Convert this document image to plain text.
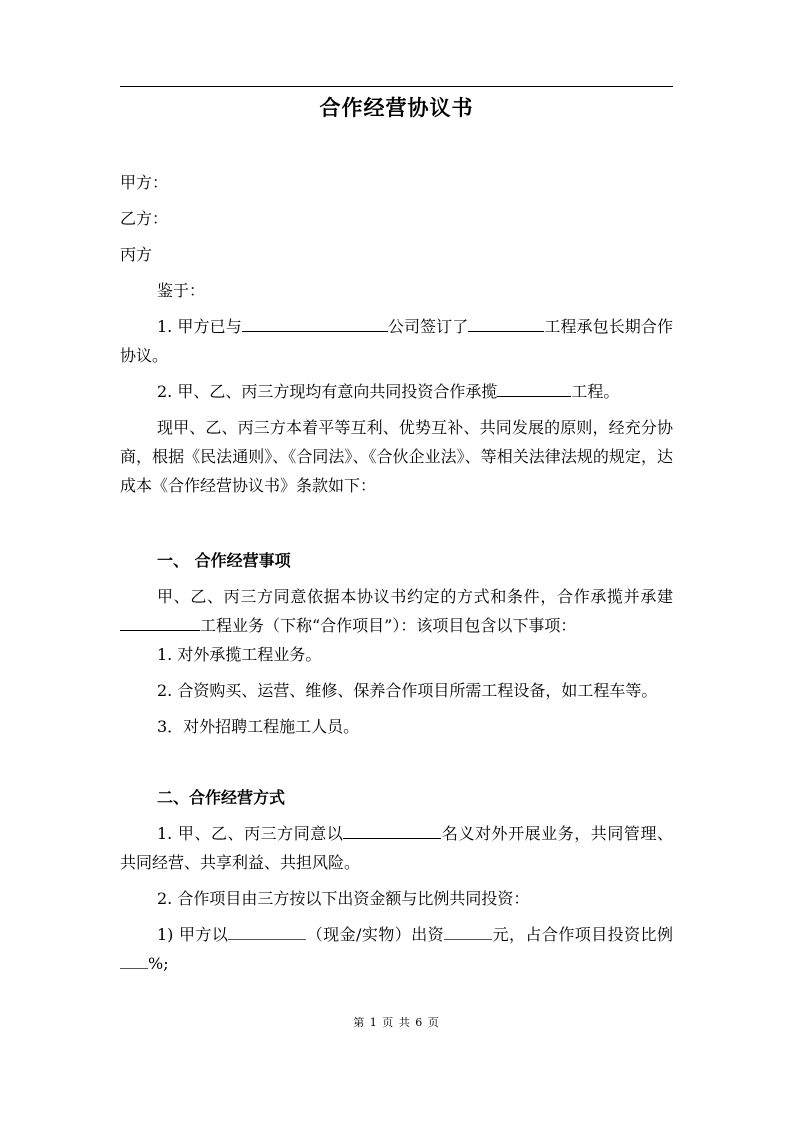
合作经营协议书

甲方：

乙方：

丙方

鉴于：

1. 甲方已与	公司签订了	工程承包长期合作协议。

2. 甲、乙、丙三方现均有意向共同投资合作承揽	工程。

现甲、乙、丙三方本着平等互利、优势互补、共同发展的原则，经充分协商，根据《民法通则》、《合同法》、《合伙企业法》、等相关法律法规的规定，达成本《合作经营协议书》条款如下：

一、 合作经营事项

甲、乙、丙三方同意依据本协议书约定的方式和条件，合作承揽并承建工程业务（下称“合作项目”）：该项目包含以下事项：

1. 对外承揽工程业务。

2. 合资购买、运营、维修、保养合作项目所需工程设备，如工程车等。

3．对外招聘工程施工人员。

二、合作经营方式

1. 甲、乙、丙三方同意以	名义对外开展业务，共同管理、共同经营、共享利益、共担风险。

2. 合作项目由三方按以下出资金额与比例共同投资：

1) 甲方以	（现金/实物）出资	元，占合作项目投资比例%;

第 1 页 共 6 页
